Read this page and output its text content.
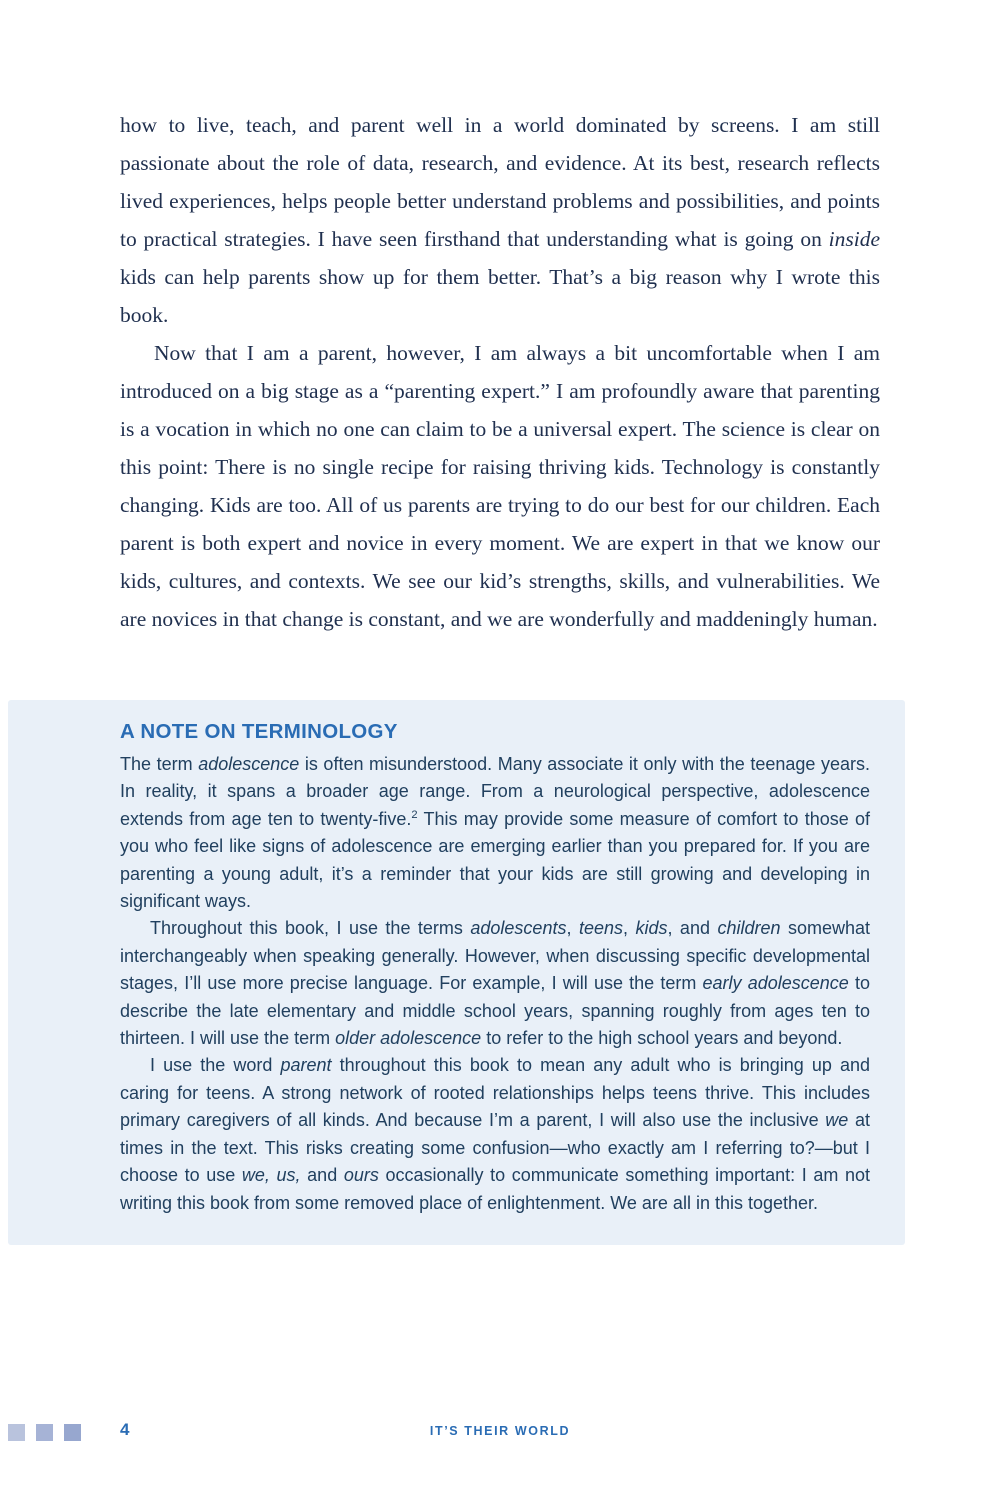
how to live, teach, and parent well in a world dominated by screens. I am still passionate about the role of data, research, and evidence. At its best, research reflects lived experiences, helps people better understand problems and possibilities, and points to practical strategies. I have seen firsthand that understanding what is going on inside kids can help parents show up for them better. That’s a big reason why I wrote this book.

Now that I am a parent, however, I am always a bit uncomfortable when I am introduced on a big stage as a “parenting expert.” I am profoundly aware that parenting is a vocation in which no one can claim to be a universal expert. The science is clear on this point: There is no single recipe for raising thriving kids. Technology is constantly changing. Kids are too. All of us parents are trying to do our best for our children. Each parent is both expert and novice in every moment. We are expert in that we know our kids, cultures, and contexts. We see our kid’s strengths, skills, and vulnerabilities. We are novices in that change is constant, and we are wonderfully and maddeningly human.

A NOTE ON TERMINOLOGY

The term adolescence is often misunderstood. Many associate it only with the teenage years. In reality, it spans a broader age range. From a neurological perspective, adolescence extends from age ten to twenty-five.$^2$ This may provide some measure of comfort to those of you who feel like signs of adolescence are emerging earlier than you prepared for. If you are parenting a young adult, it’s a reminder that your kids are still growing and developing in significant ways.

Throughout this book, I use the terms adolescents, teens, kids, and children somewhat interchangeably when speaking generally. However, when discussing specific developmental stages, I’ll use more precise language. For example, I will use the term early adolescence to describe the late elementary and middle school years, spanning roughly from ages ten to thirteen. I will use the term older adolescence to refer to the high school years and beyond.

I use the word parent throughout this book to mean any adult who is bringing up and caring for teens. A strong network of rooted relationships helps teens thrive. This includes primary caregivers of all kinds. And because I’m a parent, I will also use the inclusive we at times in the text. This risks creating some confusion—who exactly am I referring to?—but I choose to use we, us, and ours occasionally to communicate something important: I am not writing this book from some removed place of enlightenment. We are all in this together.

4	IT’S THEIR WORLD
